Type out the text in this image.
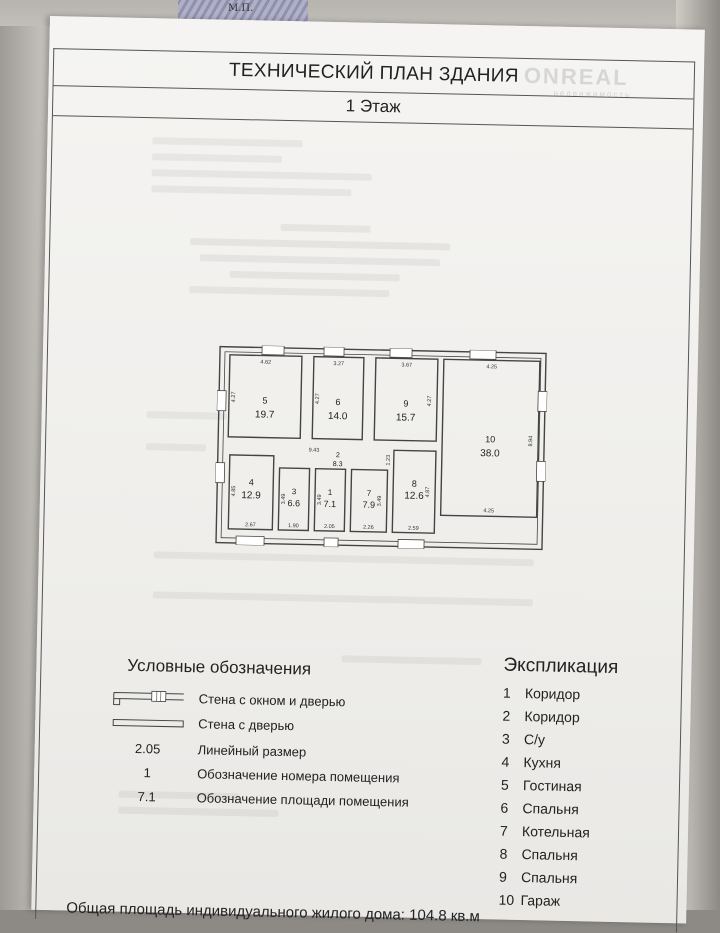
М.П.
ТЕХНИЧЕСКИЙ ПЛАН ЗДАНИЯ
1 Этаж
ONREAL
недвижимость
5
19.7
6
14.0
9
15.7
10
38.0
2
8.3
4
12.9	3
6.6
1
7.1
7
7.9
8
12.6
4.62	3.27	3.67	4.25
4.27	4.27	4.27
8.94
9.43
1.23
4.85
3.49	3.49	3.49
4.87
2.67	1.90	2.05	2.26	2.59
4.25
Условные обозначения
Стена с окном и дверью
Стена с дверью
2.05	Линейный размер
1	Обозначение номера помещения
7.1	Обозначение площади помещения
Экспликация
1 Коридор
2 Коридор
3 С/у
4 Кухня
5 Гостиная
6 Спальня
7 Котельная
8 Спальня
9 Спальня
10 Гараж
Общая площадь индивидуального жилого дома: 104.8 кв.м
